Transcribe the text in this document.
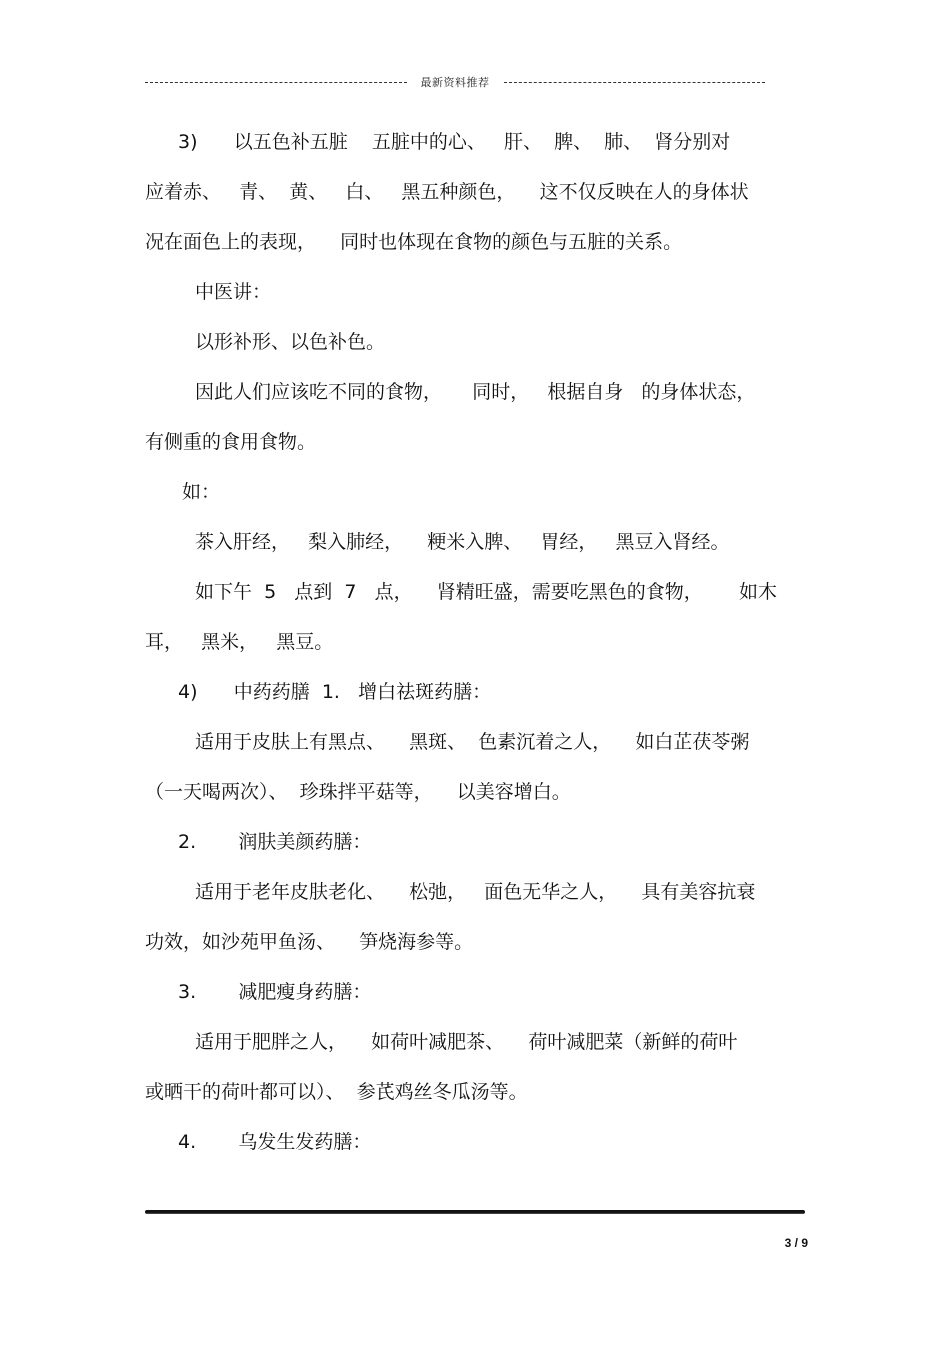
最新资料推荐
3)      以五色补五脏    五脏中的心、   肝、  脾、  肺、  肾分别对
应着赤、   青、  黄、   白、   黑五种颜色，    这不仅反映在人的身体状
况在面色上的表现，    同时也体现在食物的颜色与五脏的关系。
中医讲：
以形补形、以色补色。
因此人们应该吃不同的食物，     同时，   根据自身   的身体状态，
有侧重的食用食物。
如：
茶入肝经，   梨入肺经，    粳米入脾、   胃经，   黑豆入肾经。
如下午  5   点到  7   点，    肾精旺盛，需要吃黑色的食物，      如木
耳，   黑米，   黑豆。
4)      中药药膳  1.   增白祛斑药膳：
适用于皮肤上有黑点、    黑斑、  色素沉着之人，    如白芷茯苓粥
（一天喝两次）、  珍珠拌平菇等，    以美容增白。
2.       润肤美颜药膳：
适用于老年皮肤老化、    松弛，   面色无华之人，    具有美容抗衰
功效，如沙苑甲鱼汤、    笋烧海参等。
3.       减肥瘦身药膳：
适用于肥胖之人，    如荷叶减肥茶、    荷叶减肥菜（新鲜的荷叶
或晒干的荷叶都可以）、  参芪鸡丝冬瓜汤等。
4.       乌发生发药膳：
3 / 9
